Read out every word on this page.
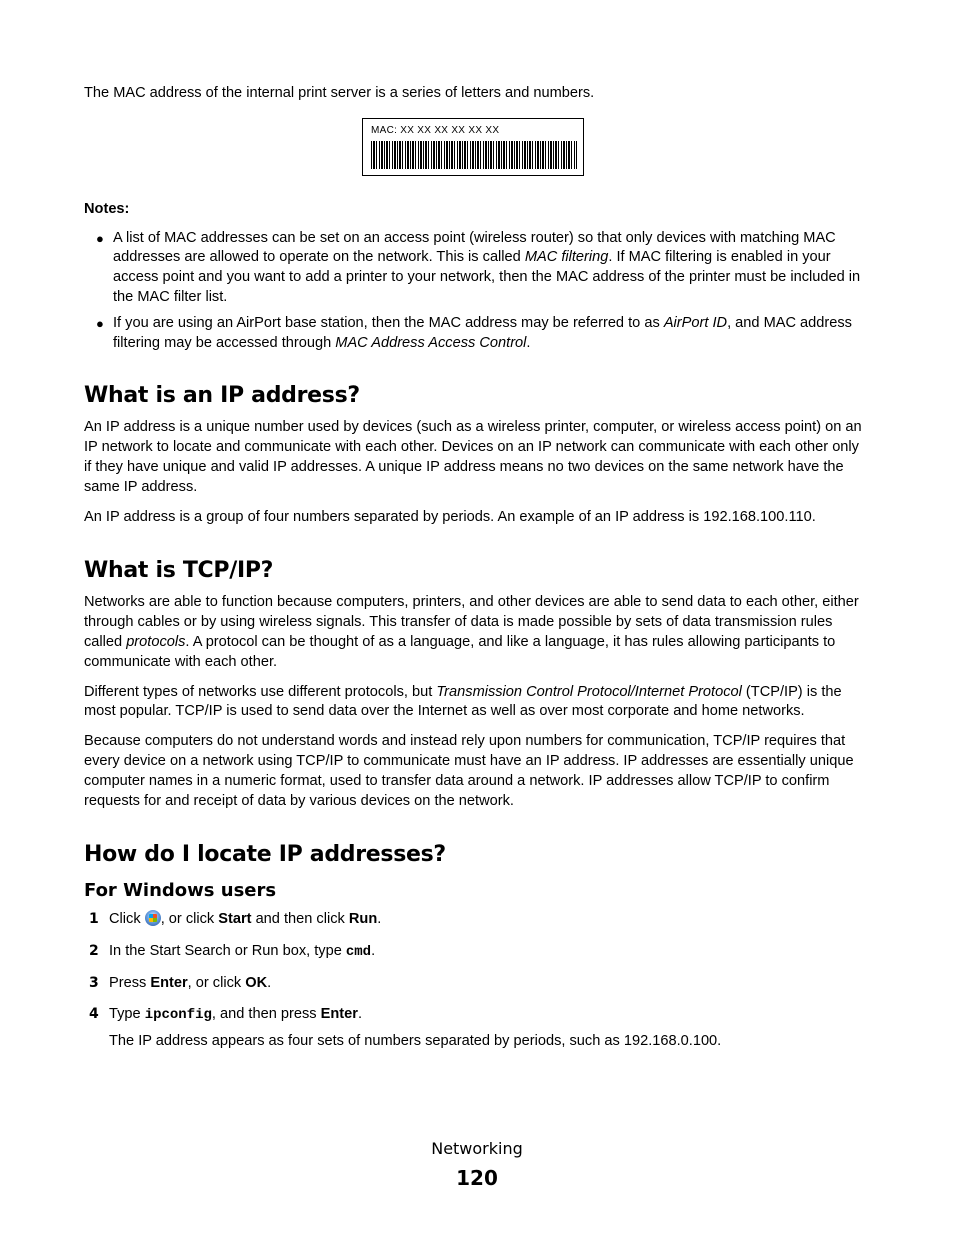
The MAC address of the internal print server is a series of letters and numbers.

MAC: XX XX XX XX XX XX

Notes:

● A list of MAC addresses can be set on an access point (wireless router) so that only devices with matching MAC addresses are allowed to operate on the network. This is called MAC filtering. If MAC filtering is enabled in your access point and you want to add a printer to your network, then the MAC address of the printer must be included in the MAC filter list.
● If you are using an AirPort base station, then the MAC address may be referred to as AirPort ID, and MAC address filtering may be accessed through MAC Address Access Control.
What is an IP address?

An IP address is a unique number used by devices (such as a wireless printer, computer, or wireless access point) on an IP network to locate and communicate with each other. Devices on an IP network can communicate with each other only if they have unique and valid IP addresses. A unique IP address means no two devices on the same network have the same IP address.

An IP address is a group of four numbers separated by periods. An example of an IP address is 192.168.100.110.

What is TCP/IP?

Networks are able to function because computers, printers, and other devices are able to send data to each other, either through cables or by using wireless signals. This transfer of data is made possible by sets of data transmission rules called protocols. A protocol can be thought of as a language, and like a language, it has rules allowing participants to communicate with each other.

Different types of networks use different protocols, but Transmission Control Protocol/Internet Protocol (TCP/IP) is the most popular. TCP/IP is used to send data over the Internet as well as over most corporate and home networks.

Because computers do not understand words and instead rely upon numbers for communication, TCP/IP requires that every device on a network using TCP/IP to communicate must have an IP address. IP addresses are essentially unique computer names in a numeric format, used to transfer data around a network. IP addresses allow TCP/IP to confirm requests for and receipt of data by various devices on the network.

How do I locate IP addresses?
For Windows users
1 Click , or click Start and then click Run.
2 In the Start Search or Run box, type cmd.
3 Press Enter, or click OK.
4 Type ipconfig, and then press Enter.

The IP address appears as four sets of numbers separated by periods, such as 192.168.0.100.

Networking
120
